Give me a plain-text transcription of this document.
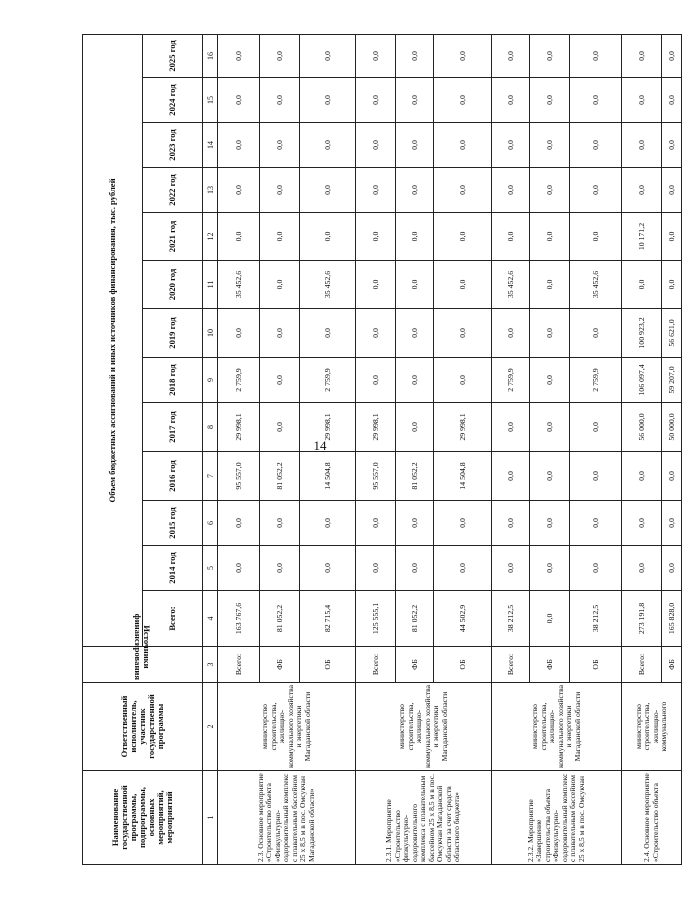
14
Наименование государственной программы, подпрограммы, основных мероприятий, мероприятий	Ответственный исполнитель, участник государственной программы	Источники финансирования	Объем бюджетных ассигнований и иных источников финансирования, тыс. рублей												
			Всего:	2014 год	2015 год	2016 год	2017 год	2018 год	2019 год	2020 год	2021 год	2022 год	2023 год	2024 год	2025 год
1	2	3	4	5	6	7	8	9	10	11	12	13	14	15	16
2.3. Основное мероприятие «Строительство объекта «Физкультурно-оздоровительный комплекс с плавательным бассейном 25 х 8,5 м в пос. Омсукчан Магаданской области»	министерство строительства, жилищно-коммунального хозяйства и энергетики Магаданской области	Всего:	163 767,6	0,0	0,0	95 557,0	29 998,1	2 759,9	0,0	35 452,6	0,0	0,0	0,0	0,0	0,0
		ФБ	81 052,2	0,0	0,0	81 052,2	0,0	0,0	0,0	0,0	0,0	0,0	0,0	0,0	0,0
		ОБ	82 715,4	0,0	0,0	14 504,8	29 998,1	2 759,9	0,0	35 452,6	0,0	0,0	0,0	0,0	0,0
2.3.1. Мероприятие «Строительство физкультурно-оздоровительного комплекса с плавательным бассейном 25 х 8,5 м в пос. Омсукчан Магаданской области за счет средств областного бюджета»	министерство строительства, жилищно-коммунального хозяйства и энергетики Магаданской области	Всего:	125 555,1	0,0	0,0	95 557,0	29 998,1	0,0	0,0	0,0	0,0	0,0	0,0	0,0	0,0
		ФБ	81 052,2	0,0	0,0	81 052,2	0,0	0,0	0,0	0,0	0,0	0,0	0,0	0,0	0,0
		ОБ	44 502,9	0,0	0,0	14 504,8	29 998,1	0,0	0,0	0,0	0,0	0,0	0,0	0,0	0,0
2.3.2. Мероприятие «Завершение строительства объекта «Физкультурно-оздоровительный комплекс с плавательным бассейном 25 х 8,5 м в пос. Омсукчан	министерство строительства, жилищно-коммунального хозяйства и энергетики Магаданской области	Всего:	38 212,5	0,0	0,0	0,0	0,0	2 759,9	0,0	35 452,6	0,0	0,0	0,0	0,0	0,0
		ФБ	0,0	0,0	0,0	0,0	0,0	0,0	0,0	0,0	0,0	0,0	0,0	0,0	0,0
		ОБ	38 212,5	0,0	0,0	0,0	0,0	2 759,9	0,0	35 452,6	0,0	0,0	0,0	0,0	0,0
2.4. Основное мероприятие «Строительство объекта	министерство строительства, жилищно-коммунального	Всего:	273 191,8	0,0	0,0	0,0	56 000,0	106 097,4	100 923,2	0,0	10 171,2	0,0	0,0	0,0	0,0
		ФБ	165 828,0	0,0	0,0	0,0	50 000,0	59 207,0	56 621,0	0,0	0,0	0,0	0,0	0,0	0,0
